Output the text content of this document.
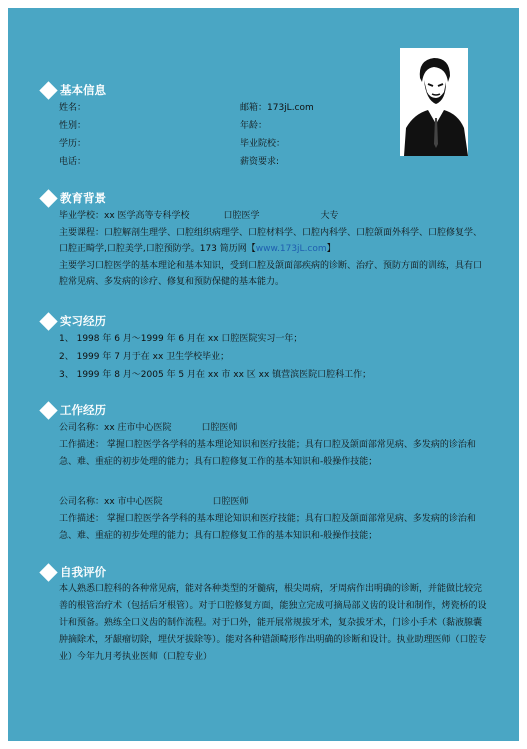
基本信息
姓名：	邮箱：173jL.com
性别：	年龄：
学历：	毕业院校：
电话：	薪资要求:
教育背景
毕业学校：xx 医学高等专科学校	口腔医学	大专
主要课程：口腔解剖生理学、口腔组织病理学、口腔材料学、口腔内科学、口腔颌面外科学、口腔修复学、口腔正畸学,口腔美学,口腔预防学。173 简历网【www.173jL.com】
主要学习口腔医学的基本理论和基本知识，受到口腔及颌面部疾病的诊断、治疗、预防方面的训练，具有口腔常见病、多发病的诊疗、修复和预防保健的基本能力。
实习经历
1、 1998 年 6 月～1999 年 6 月在 xx 口腔医院实习一年；
2、 1999 年 7 月于在 xx 卫生学校毕业；
3、 1999 年 8 月～2005 年 5 月在 xx 市 xx 区 xx 镇营滨医院口腔科工作；
工作经历
公司名称：xx 庄市中心医院	口腔医师
工作描述： 掌握口腔医学各学科的基本理论知识和医疗技能；具有口腔及颌面部常见病、多发病的诊治和急、难、重症的初步处理的能力；具有口腔修复工作的基本知识和-般操作技能；
公司名称：xx 市中心医院	口腔医师
工作描述： 掌握口腔医学各学科的基本理论知识和医疗技能；具有口腔及颌面部常见病、多发病的诊治和急、难、重症的初步处理的能力；具有口腔修复工作的基本知识和-般操作技能；
自我评价
本人熟悉口腔科的各种常见病，能对各种类型的牙髓病，根尖周病，牙周病作出明确的诊断，并能做比较完善的根管治疗术（包括后牙根管）。对于口腔修复方面，能独立完成可摘局部义齿的设计和制作，烤瓷桥的设计和预备。熟练全口义齿的制作流程。对于口外，能开展常规拔牙术，复杂拔牙术，门诊小手术（黏液腺囊肿摘除术，牙龈瘤切除，埋伏牙拔除等）。能对各种错颌畸形作出明确的诊断和设计。执业助理医师（口腔专业）今年九月考执业医师（口腔专业）
